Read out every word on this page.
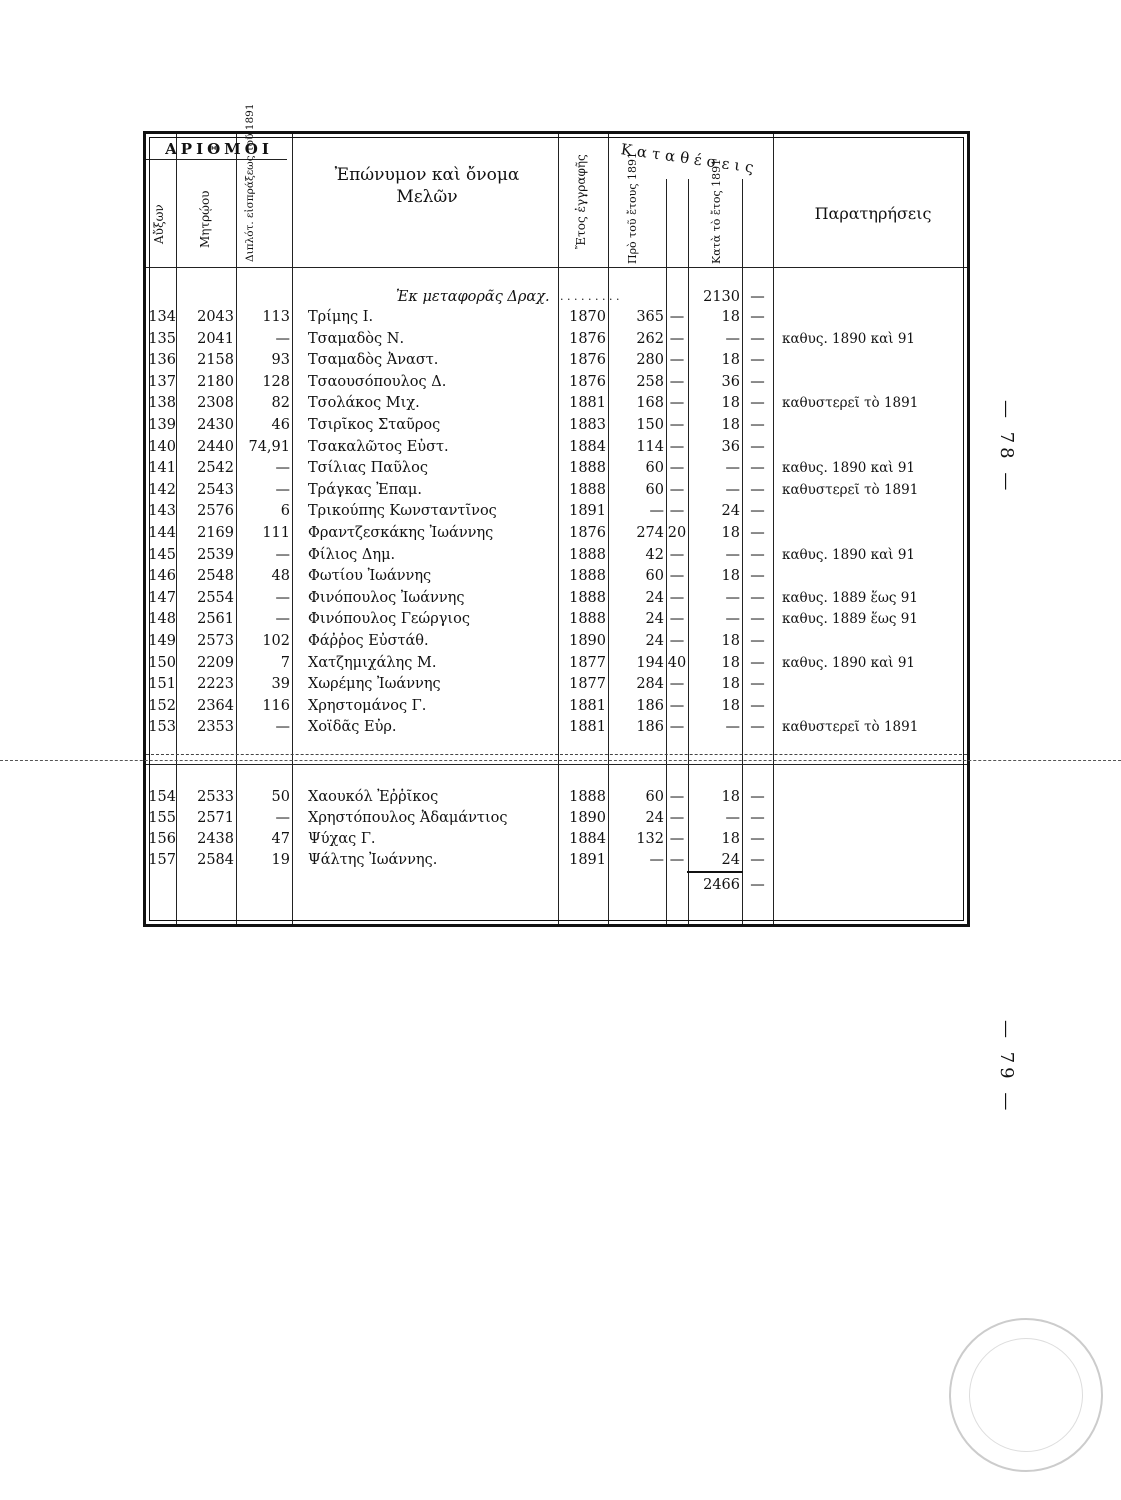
ΑΡΙΘΜΟΙ
Αὔξων	Μητρῴου	Διπλότ. εἰσπράξεως τοῦ 1891	Ἐπώνυμον καὶ ὄνομα
Μελῶν	Ἔτος ἐγγραφῆς Καταθέσεις
Πρὸ τοῦ ἔτους 1891	Κατὰ τὸ ἔτος 1891	Παρατηρήσεις
Ἐκ μεταφορᾶς Δραχ. . . . . . . . . .	2130 —
134	2043	113 Τρίμης Ι.	1870	365 —	18 —
135	2041	— Τσαμαδὸς Ν.	1876	262 —	— —	καθυς. 1890 καὶ 91
136	2158	93 Τσαμαδὸς Ἀναστ.	1876	280 —	18 —
137	2180	128 Τσαουσόπουλος Δ.	1876	258 —	36 —
138	2308	82 Τσολάκος Μιχ.	1881	168 —	18 —	καθυστερεῖ τὸ 1891
139	2430	46 Τσιρῖκος Σταῦρος	1883	150 —	18 —
140	2440 74,91 Τσακαλῶτος Εὐστ.	1884	114 —	36 —
141	2542	— Τσίλιας Παῦλος	1888	60 —	— —	καθυς. 1890 καὶ 91
142	2543	— Τράγκας Ἐπαμ.	1888	60 —	— —	καθυστερεῖ τὸ 1891
143	2576	6 Τρικούπης Κωνσταντῖνος	1891	— —	24 —
144	2169	111 Φραντζεσκάκης Ἰωάννης	1876	274 20	18 —
145	2539	— Φίλιος Δημ.	1888	42 —	— —	καθυς. 1890 καὶ 91
146	2548	48 Φωτίου Ἰωάννης	1888	60 —	18 —
147	2554	— Φινόπουλος Ἰωάννης	1888	24 —	— —	καθυς. 1889 ἕως 91
148	2561	— Φινόπουλος Γεώργιος	1888	24 —	— —	καθυς. 1889 ἕως 91
149	2573	102 Φάῤῥος Εὐστάθ.	1890	24 —	18 —
150	2209	7 Χατζημιχάλης Μ.	1877	194 40	18 —	καθυς. 1890 καὶ 91
151	2223	39 Χωρέμης Ἰωάννης	1877	284 —	18 —
152	2364	116 Χρηστομάνος Γ.	1881	186 —	18 —
153	2353	— Χοϊδᾶς Εὐρ.	1881	186 —	— —	καθυστερεῖ τὸ 1891
154	2533	50 Χαουκόλ Ἐῤῥῖκος	1888	60 —	18 —
155	2571	— Χρηστόπουλος Ἀδαμάντιος	1890	24 —	— —
156	2438	47 Ψύχας Γ.	1884	132 —	18 —
157	2584	19 Ψάλτης Ἰωάννης.	1891	— —	24 —
2466 —
— 78 —
— 79 —
